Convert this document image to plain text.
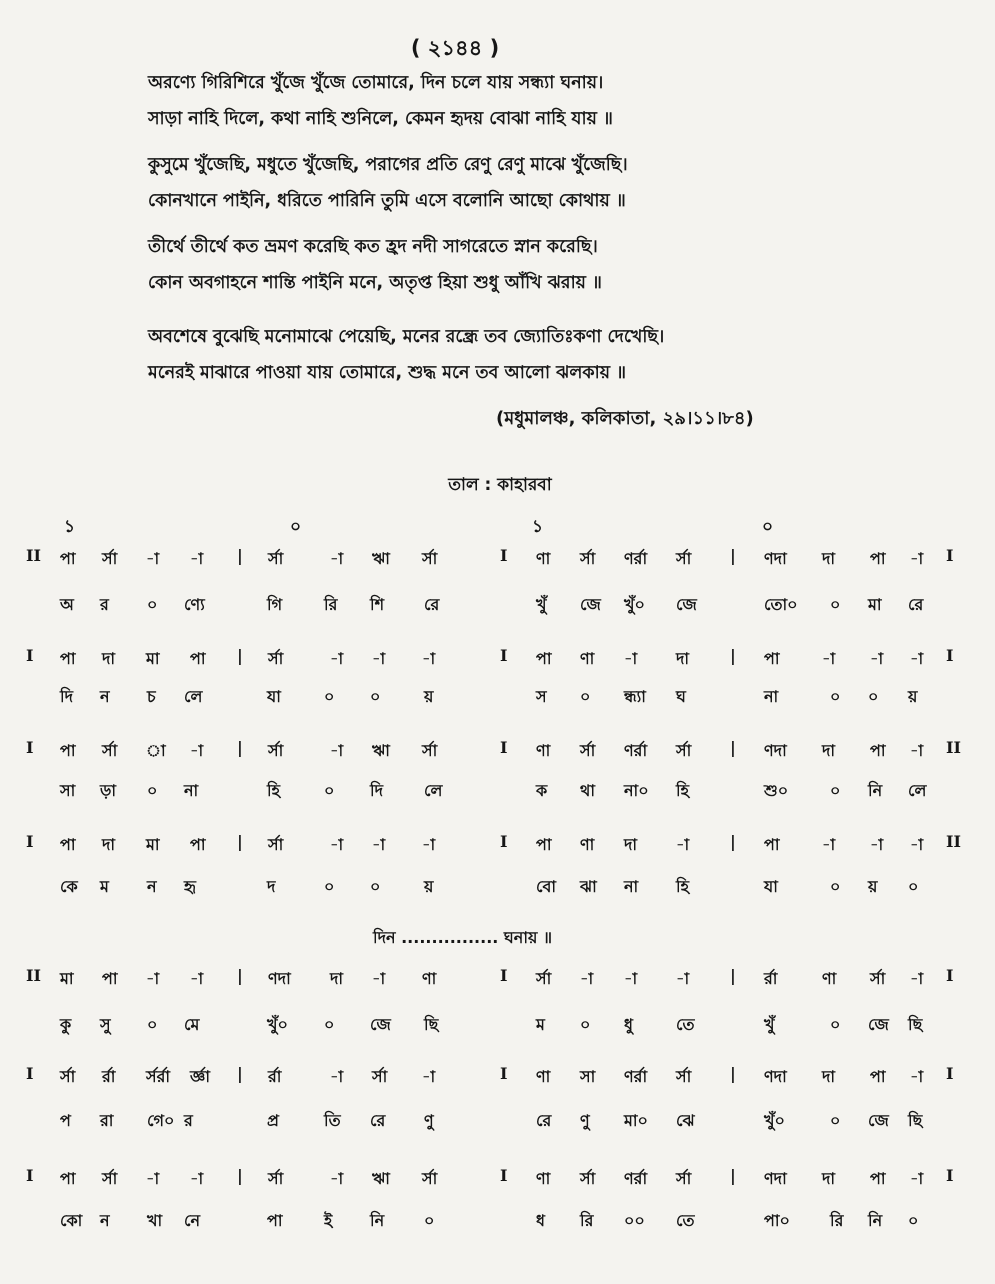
( ২১৪৪ )
অরণ্যে গিরিশিরে খুঁজে খুঁজে তোমারে, দিন চলে যায় সন্ধ্যা ঘনায়।
সাড়া নাহি দিলে, কথা নাহি শুনিলে, কেমন হৃদয় বোঝা নাহি যায় ॥
কুসুমে খুঁজেছি, মধুতে খুঁজেছি, পরাগের প্রতি রেণু রেণু মাঝে খুঁজেছি।
কোনখানে পাইনি, ধরিতে পারিনি তুমি এসে বলোনি আছো কোথায় ॥
তীর্থে তীর্থে কত ভ্রমণ করেছি কত হ্রদ নদী সাগরেতে স্নান করেছি।
কোন অবগাহনে শান্তি পাইনি মনে, অতৃপ্ত হিয়া শুধু আঁখি ঝরায় ॥
অবশেষে বুঝেছি মনোমাঝে পেয়েছি, মনের রন্ধ্রে তব জ্যোতিঃকণা দেখেছি।
মনেরই মাঝারে পাওয়া যায় তোমারে, শুদ্ধ মনে তব আলো ঝলকায় ॥
(মধুমালঞ্চ, কলিকাতা, ২৯।১১।৮৪)
তাল : কাহারবা
১	০	১	০
II পা র্সা -া -া | র্সা	-া ঋা র্সা	I ণা র্সা ণর্রা র্সা | ণদা দা পা -া I
অ র ০ ণ্যে	গি	রি শি রে	খুঁ জে খুঁ০ জে	তো০ ০ মা রে
I পা দা মা পা | র্সা	-া -া -া	I পা ণা -া দা	| পা	-া -া -া I
দি ন চ লে	যা	০ ০	য়	স ০ ন্ধ্যা ঘ	না	০ ০ য়
I পা র্সা া -া | র্সা	-া ঋা র্সা	I ণা র্সা ণর্রা র্সা | ণদা দা পা -া II
সা ড়া ০ না	হি	০ দি	লে	ক থা না০ হি	শু০	০ নি লে
I পা দা মা পা | র্সা	-া -া -া	I পা ণা দা -া	| পা	-া -া -া II
কে ম ন হৃ	দ	০ ০	য়	বো ঝা না হি	যা	০ য় ০
II মা পা -া -া | ণদা দা -া ণা	I র্সা -া -া -া	| র্রা	ণা র্সা -া I
কু সু ০ মে	খুঁ০ ০ জে ছি	ম ০ ধু	তে	খুঁ	০ জে ছি
I র্সা র্রা র্সর্রা র্জ্ঞা | র্রা	-া র্সা -া	I ণা সা ণর্রা র্সা | ণদা দা পা -া I
প রা গে০ র	প্র	তি রে ণু	রে ণু মা০ ঝে	খুঁ০	০ জে ছি
I পা র্সা -া -া | র্সা	-া ঋা র্সা	I ণা র্সা ণর্রা র্সা | ণদা দা পা -া I
কো ন খা নে	পা	ই নি ০	ধ রি ০০ তে	পা০	রি নি ০
দিন ................ ঘনায় ॥
